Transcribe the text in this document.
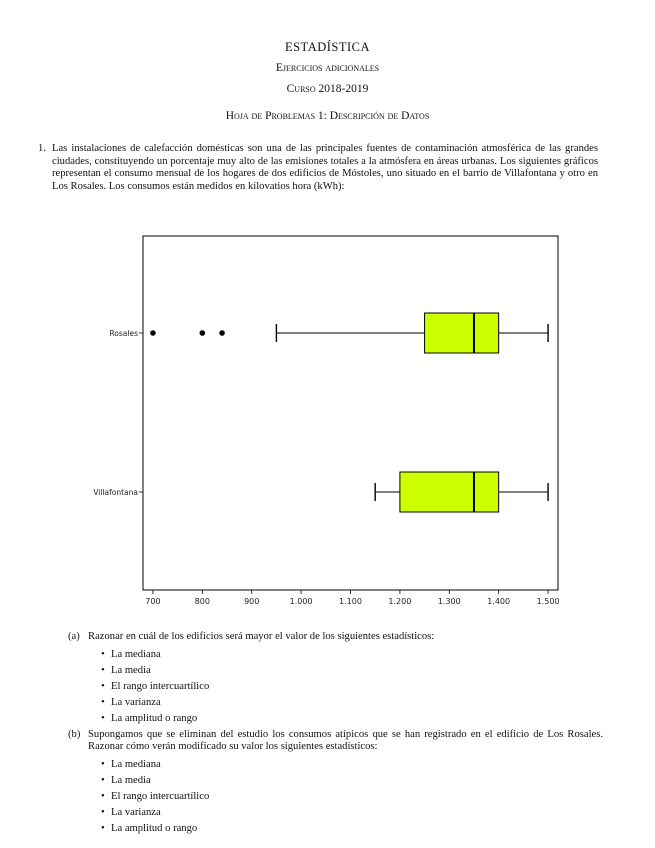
ESTADÍSTICA
Ejercicios adicionales
Curso 2018-2019
Hoja de Problemas 1: Descripción de Datos
1. Las instalaciones de calefacción domésticas son una de las principales fuentes de contaminación atmosférica de las grandes ciudades, constituyendo un porcentaje muy alto de las emisiones totales a la atmósfera en áreas urbanas. Los siguientes gráficos representan el consumo mensual de los hogares de dos edificios de Móstoles, uno situado en el barrio de Villafontana y otro en Los Rosales. Los consumos están medidos en kilovatios hora (kWh):
700	800	900	1.000	1.100	1.200	1.300	1.400	1.500
Rosales
Villafontana
(a) Razonar en cuál de los edificios será mayor el valor de los siguientes estadísticos:
• La mediana
• La media
• El rango intercuartílico
• La varianza
• La amplitud o rango
(b) Supongamos que se eliminan del estudio los consumos atípicos que se han registrado en el edificio de Los Rosales. Razonar cómo verán modificado su valor los siguientes estadísticos:
• La mediana
• La media
• El rango intercuartílico
• La varianza
• La amplitud o rango
